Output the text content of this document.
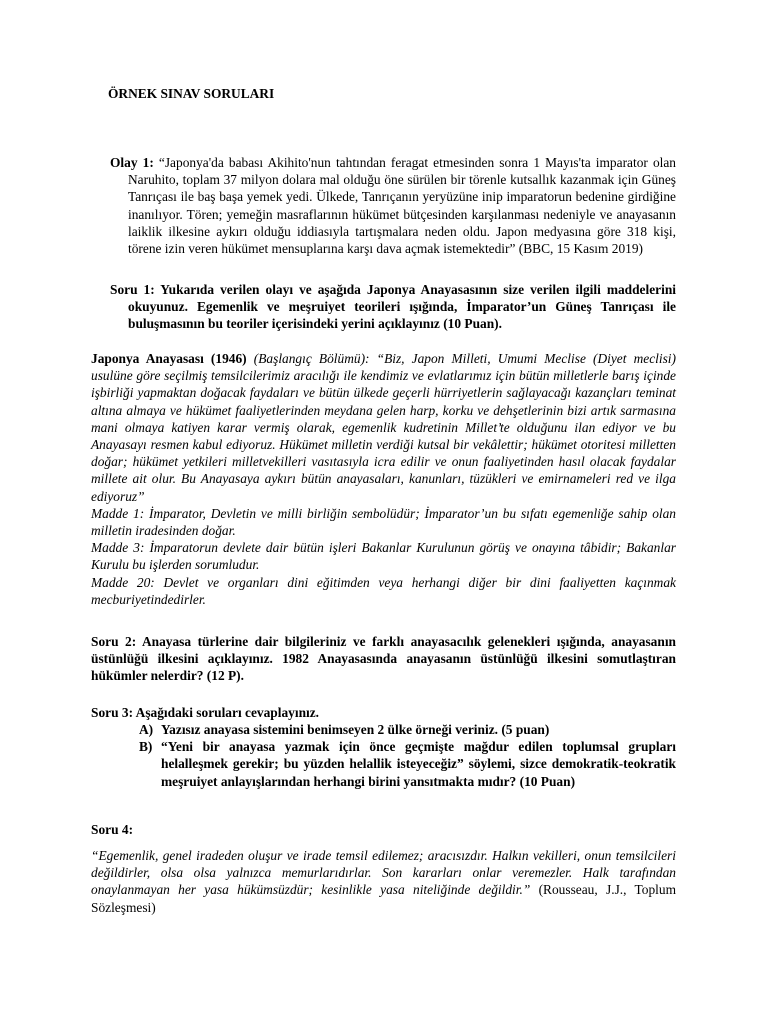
ÖRNEK SINAV SORULARI

Olay 1: “Japonya'da babası Akihito'nun tahtından feragat etmesinden sonra 1 Mayıs'ta imparator olan Naruhito, toplam 37 milyon dolara mal olduğu öne sürülen bir törenle kutsallık kazanmak için Güneş Tanrıçası ile baş başa yemek yedi. Ülkede, Tanrıçanın yeryüzüne inip imparatorun bedenine girdiğine inanılıyor. Tören; yemeğin masraflarının hükümet bütçesinden karşılanması nedeniyle ve anayasanın laiklik ilkesine aykırı olduğu iddiasıyla tartışmalara neden oldu. Japon medyasına göre 318 kişi, törene izin veren hükümet mensuplarına karşı dava açmak istemektedir” (BBC, 15 Kasım 2019)

Soru 1: Yukarıda verilen olayı ve aşağıda Japonya Anayasasının size verilen ilgili maddelerini okuyunuz. Egemenlik ve meşruiyet teorileri ışığında, İmparator’un Güneş Tanrıçası ile buluşmasının bu teoriler içerisindeki yerini açıklayınız (10 Puan).

Japonya Anayasası (1946) (Başlangıç Bölümü): “Biz, Japon Milleti, Umumi Meclise (Diyet meclisi) usulüne göre seçilmiş temsilcilerimiz aracılığı ile kendimiz ve evlatlarımız için bütün milletlerle barış içinde işbirliği yapmaktan doğacak faydaları ve bütün ülkede geçerli hürriyetlerin sağlayacağı kazançları teminat altına almaya ve hükümet faaliyetlerinden meydana gelen harp, korku ve dehşetlerinin bizi artık sarmasına mani olmaya katiyen karar vermiş olarak, egemenlik kudretinin Millet’te olduğunu ilan ediyor ve bu Anayasayı resmen kabul ediyoruz. Hükümet milletin verdiği kutsal bir vekâlettir; hükümet otoritesi milletten doğar; hükümet yetkileri milletvekilleri vasıtasıyla icra edilir ve onun faaliyetinden hasıl olacak faydalar millete ait olur. Bu Anayasaya aykırı bütün anayasaları, kanunları, tüzükleri ve emirnameleri red ve ilga ediyoruz”

Madde 1: İmparator, Devletin ve milli birliğin sembolüdür; İmparator’un bu sıfatı egemenliğe sahip olan milletin iradesinden doğar.

Madde 3: İmparatorun devlete dair bütün işleri Bakanlar Kurulunun görüş ve onayına tâbidir; Bakanlar Kurulu bu işlerden sorumludur.

Madde 20: Devlet ve organları dini eğitimden veya herhangi diğer bir dini faaliyetten kaçınmak mecburiyetindedirler.

Soru 2: Anayasa türlerine dair bilgileriniz ve farklı anayasacılık gelenekleri ışığında, anayasanın üstünlüğü ilkesini açıklayınız. 1982 Anayasasında anayasanın üstünlüğü ilkesini somutlaştıran hükümler nelerdir? (12 P).

Soru 3: Aşağıdaki soruları cevaplayınız.

A) Yazısız anayasa sistemini benimseyen 2 ülke örneği veriniz. (5 puan)

B) “Yeni bir anayasa yazmak için önce geçmişte mağdur edilen toplumsal grupları helalleşmek gerekir; bu yüzden helallik isteyeceğiz” söylemi, sizce demokratik-teokratik meşruiyet anlayışlarından herhangi birini yansıtmakta mıdır? (10 Puan)

Soru 4:

“Egemenlik, genel iradeden oluşur ve irade temsil edilemez; aracısızdır. Halkın vekilleri, onun temsilcileri değildirler, olsa olsa yalnızca memurlarıdırlar. Son kararları onlar veremezler. Halk tarafından onaylanmayan her yasa hükümsüzdür; kesinlikle yasa niteliğinde değildir.” (Rousseau, J.J., Toplum Sözleşmesi)
